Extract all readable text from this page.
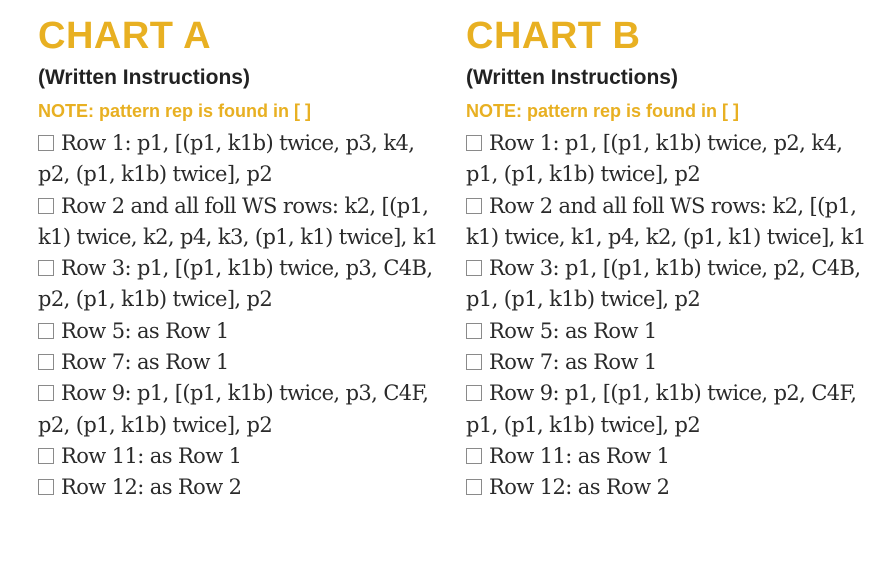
CHART A
(Written Instructions)

NOTE: pattern rep is found in [ ]

Row 1: p1, [(p1, k1b) twice, p3, k4, p2, (p1, k1b) twice], p2
Row 2 and all foll WS rows: k2, [(p1, k1) twice, k2, p4, k3, (p1, k1) twice], k1
Row 3: p1, [(p1, k1b) twice, p3, C4B, p2, (p1, k1b) twice], p2
Row 5: as Row 1
Row 7: as Row 1
Row 9: p1, [(p1, k1b) twice, p3, C4F, p2, (p1, k1b) twice], p2
Row 11: as Row 1
Row 12: as Row 2
CHART B
(Written Instructions)

NOTE: pattern rep is found in [ ]

Row 1: p1, [(p1, k1b) twice, p2, k4, p1, (p1, k1b) twice], p2
Row 2 and all foll WS rows: k2, [(p1, k1) twice, k1, p4, k2, (p1, k1) twice], k1
Row 3: p1, [(p1, k1b) twice, p2, C4B, p1, (p1, k1b) twice], p2
Row 5: as Row 1
Row 7: as Row 1
Row 9: p1, [(p1, k1b) twice, p2, C4F, p1, (p1, k1b) twice], p2
Row 11: as Row 1
Row 12: as Row 2
